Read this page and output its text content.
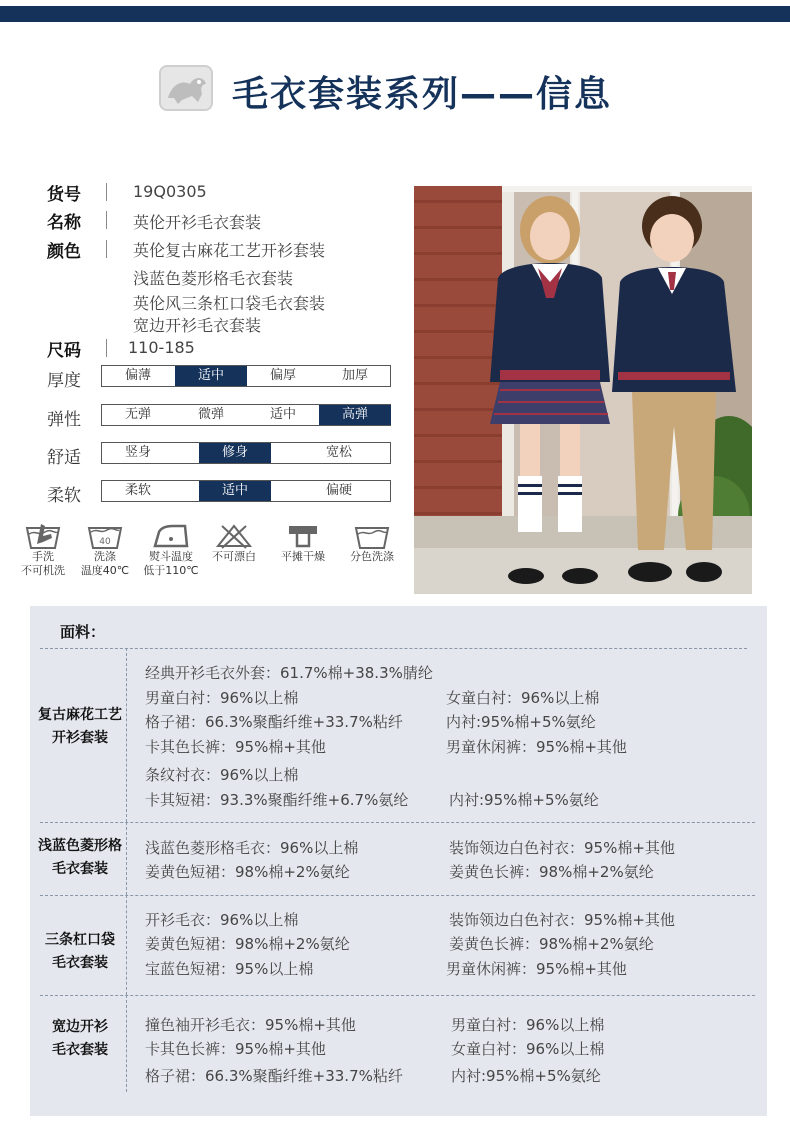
毛衣套装系列——信息
货号	19Q0305
名称	英伦开衫毛衣套装
颜色	英伦复古麻花工艺开衫套装
浅蓝色菱形格毛衣套装
英伦风三条杠口袋毛衣套装
宽边开衫毛衣套装
尺码	110-185
厚度	偏薄	适中	偏厚	加厚
弹性	无弹	微弹	适中	高弹
舒适	竖身	修身	宽松
柔软	柔软	适中	偏硬
手洗
不可机洗
40
洗涤
温度40℃
熨斗温度
低于110℃
不可漂白	平摊干燥	分色洗涤
面料：
复古麻花工艺
开衫套装
经典开衫毛衣外套：61.7%棉+38.3%腈纶
男童白衬：96%以上棉	女童白衬：96%以上棉
格子裙：66.3%聚酯纤维+33.7%粘纤	内衬:95%棉+5%氨纶
卡其色长裤：95%棉+其他	男童休闲裤：95%棉+其他
条纹衬衣：96%以上棉
卡其短裙：93.3%聚酯纤维+6.7%氨纶	内衬:95%棉+5%氨纶
浅蓝色菱形格
毛衣套装
浅蓝色菱形格毛衣：96%以上棉	装饰领边白色衬衣：95%棉+其他
姜黄色短裙：98%棉+2%氨纶	姜黄色长裤：98%棉+2%氨纶
三条杠口袋
毛衣套装
开衫毛衣：96%以上棉	装饰领边白色衬衣：95%棉+其他
姜黄色短裙：98%棉+2%氨纶	姜黄色长裤：98%棉+2%氨纶
宝蓝色短裙：95%以上棉	男童休闲裤：95%棉+其他
宽边开衫
毛衣套装
撞色袖开衫毛衣：95%棉+其他	男童白衬：96%以上棉
卡其色长裤：95%棉+其他	女童白衬：96%以上棉
格子裙：66.3%聚酯纤维+33.7%粘纤	内衬:95%棉+5%氨纶
